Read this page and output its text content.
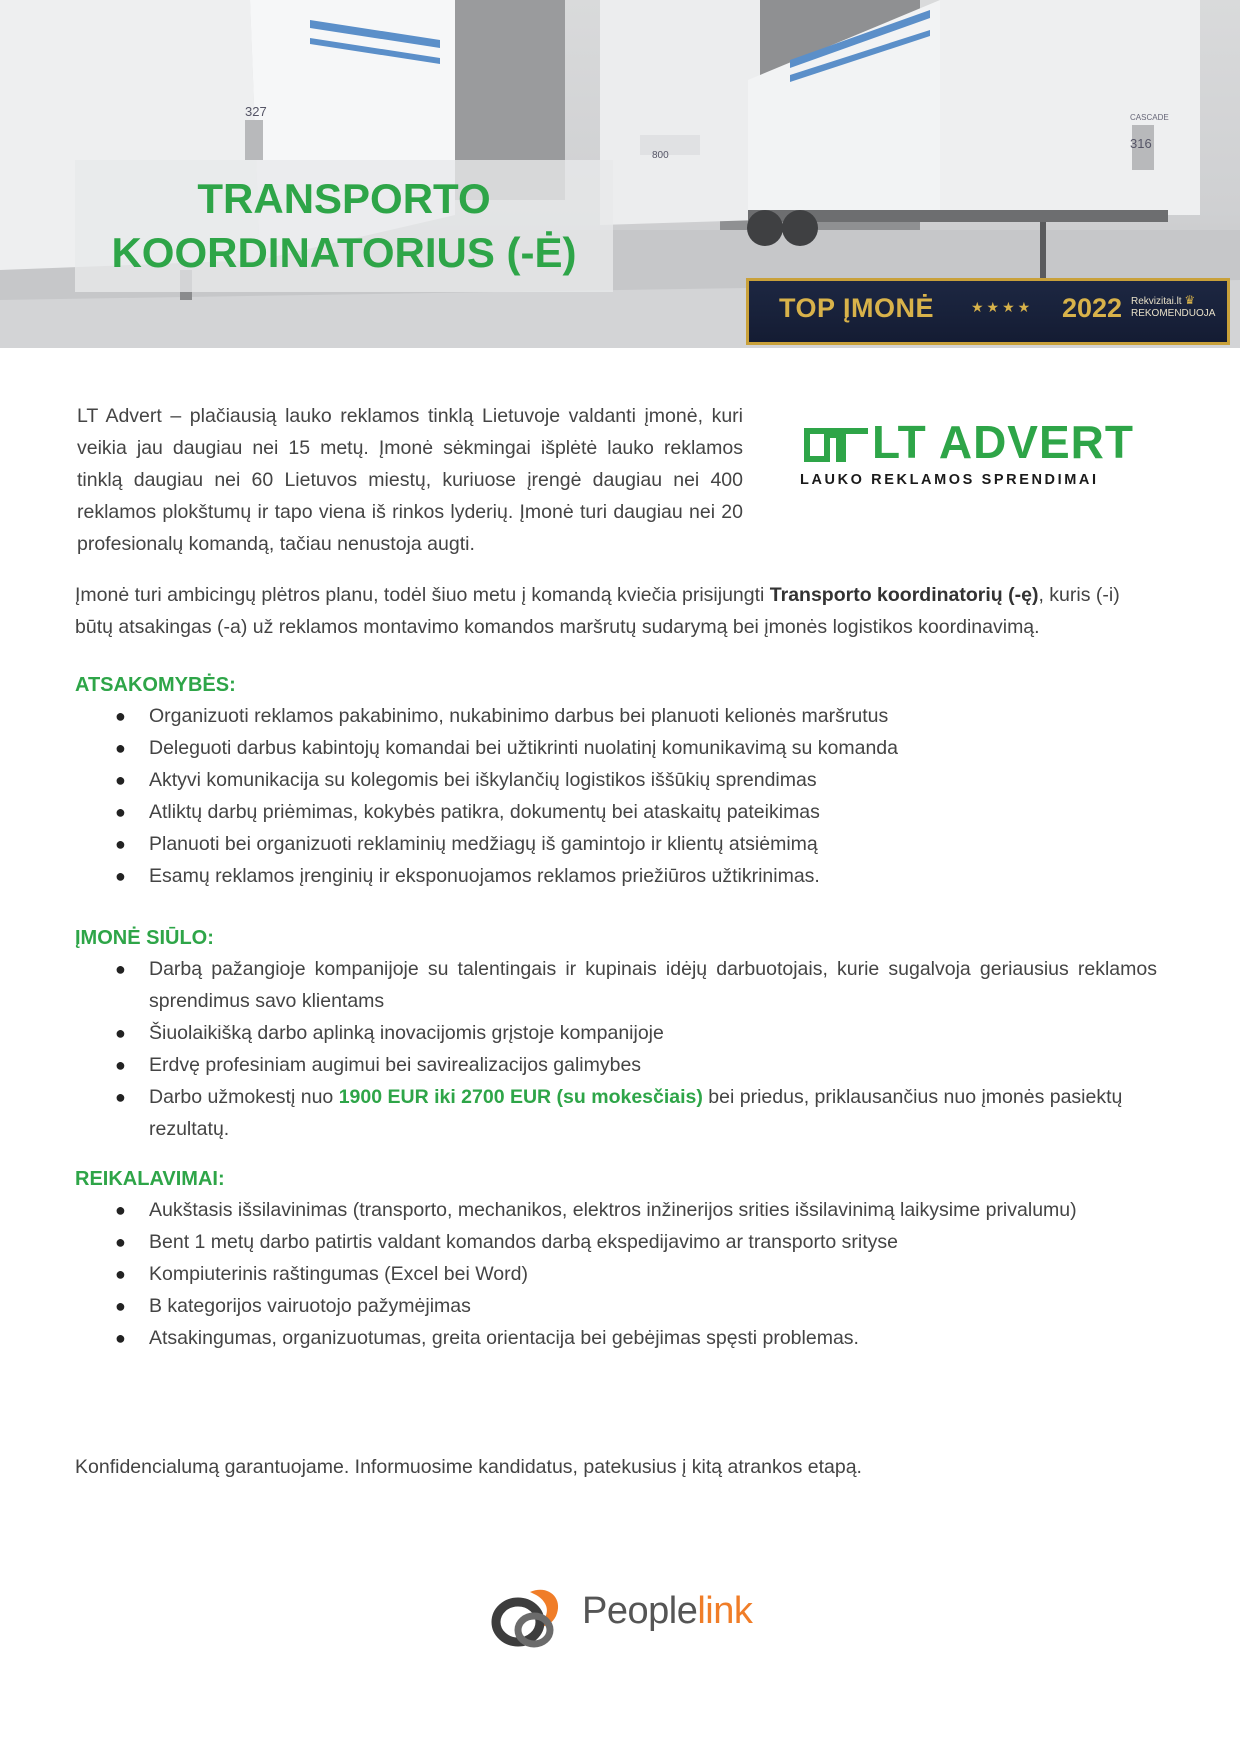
327
800
316
CASCADE
TRANSPORTO
KOORDINATORIUS (-Ė)
TOP ĮMONĖ	★★★★ 2022 Rekvizitai.lt ♛
REKOMENDUOJA
LT Advert – plačiausią lauko reklamos tinklą Lietuvoje valdanti įmonė, kuri veikia jau daugiau nei 15 metų. Įmonė sėkmingai išplėtė lauko reklamos tinklą daugiau nei 60 Lietuvos miestų, kuriuose įrengė daugiau nei 400 reklamos plokštumų ir tapo viena iš rinkos lyderių. Įmonė turi daugiau nei 20 profesionalų komandą, tačiau nenustoja augti.
LT ADVERT
LAUKO REKLAMOS SPRENDIMAI
Įmonė turi ambicingų plėtros planu, todėl šiuo metu į komandą kviečia prisijungti Transporto koordinatorių (-ę), kuris (-i) būtų atsakingas (-a) už reklamos montavimo komandos maršrutų sudarymą bei įmonės logistikos koordinavimą.
ATSAKOMYBĖS:
● Organizuoti reklamos pakabinimo, nukabinimo darbus bei planuoti kelionės maršrutus
● Deleguoti darbus kabintojų komandai bei užtikrinti nuolatinį komunikavimą su komanda
● Aktyvi komunikacija su kolegomis bei iškylančių logistikos iššūkių sprendimas
● Atliktų darbų priėmimas, kokybės patikra, dokumentų bei ataskaitų pateikimas
● Planuoti bei organizuoti reklaminių medžiagų iš gamintojo ir klientų atsiėmimą
● Esamų reklamos įrenginių ir eksponuojamos reklamos priežiūros užtikrinimas.
ĮMONĖ SIŪLO:
● Darbą pažangioje kompanijoje su talentingais ir kupinais idėjų darbuotojais, kurie sugalvoja geriausius reklamos sprendimus savo klientams
● Šiuolaikišką darbo aplinką inovacijomis grįstoje kompanijoje
● Erdvę profesiniam augimui bei savirealizacijos galimybes
● Darbo užmokestį nuo 1900 EUR iki 2700 EUR (su mokesčiais) bei priedus, priklausančius nuo įmonės pasiektų rezultatų.
REIKALAVIMAI:
● Aukštasis išsilavinimas (transporto, mechanikos, elektros inžinerijos srities išsilavinimą laikysime privalumu)
● Bent 1 metų darbo patirtis valdant komandos darbą ekspedijavimo ar transporto srityse
● Kompiuterinis raštingumas (Excel bei Word)
● B kategorijos vairuotojo pažymėjimas
● Atsakingumas, organizuotumas, greita orientacija bei gebėjimas spęsti problemas.
Konfidencialumą garantuojame. Informuosime kandidatus, patekusius į kitą atrankos etapą.
Peoplelink
